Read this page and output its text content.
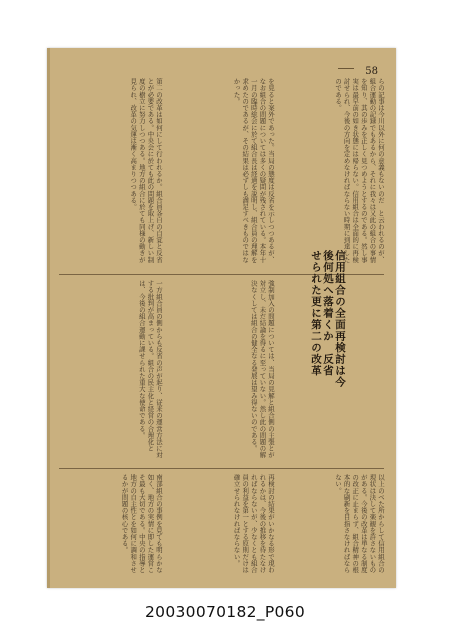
58
らの記事は今川以外に何の意義もないのだ　と云われるのが、組合運動の記録でもあるから、それに我々は又此の組合の事情を知り、其の歩みを正しく見つめようとするのである。然し事実は最早前の如き状態には帰らない。信用組合は全面的に再検討せられ、今後の方向を定めなければならない時期に到達したのである。
を見ると案外であった。当局の態度は反省を示しつつあるが、なお組合の問題については多くの疑問が残されている。本年十一月の臨時総会に於て組合長は経過を説明し、組合員の理解を求めたのであるが、その結果は必ずしも満足すべきものではなかった。
第二の改革は如何にして行われるか。組合員各自の自覚と反省とが必要である。中央会に於ても此の問題を取上げ、新しい制度の樹立に努力しつつある。地方の組合に於ても同様の動きが見られ、改革の気運は漸く高まりつつある。
強制加入の問題については、当局の見解と組合側の主張とが対立し、未だ結論を得るに至っていない。然し此の問題の解決なくしては組合の健全なる発展は望み得ないのである。
一方組合員の側からも反省の声が起り、従来の運営方法に対する批判が高まっている。組合の民主化と経営の合理化とは、今後の組合運動に課せられた重大な使命である。
以上のべた所からして信用組合の現状は決して楽観を許さないものがある。今後の改革は単なる制度の改正に止まらず、組合精神の根本的な刷新を目指さなければならない。
再検討の結果がいかなる形で現われるかは、今後の推移を待たなければならないが、少なくとも組合員の利益を第一とする原則だけは確立せられなければならない。
南部組合の事例を見ても明らかな如く、地方の実情に即した運営こそ最も大切である。中央の指導と地方の自主性とを如何に調和させるかが問題の核心である。
信用組合の全面再検討は今
後何処へ落着くか　反省
せられた更に第二の改革
20030070182_P060
